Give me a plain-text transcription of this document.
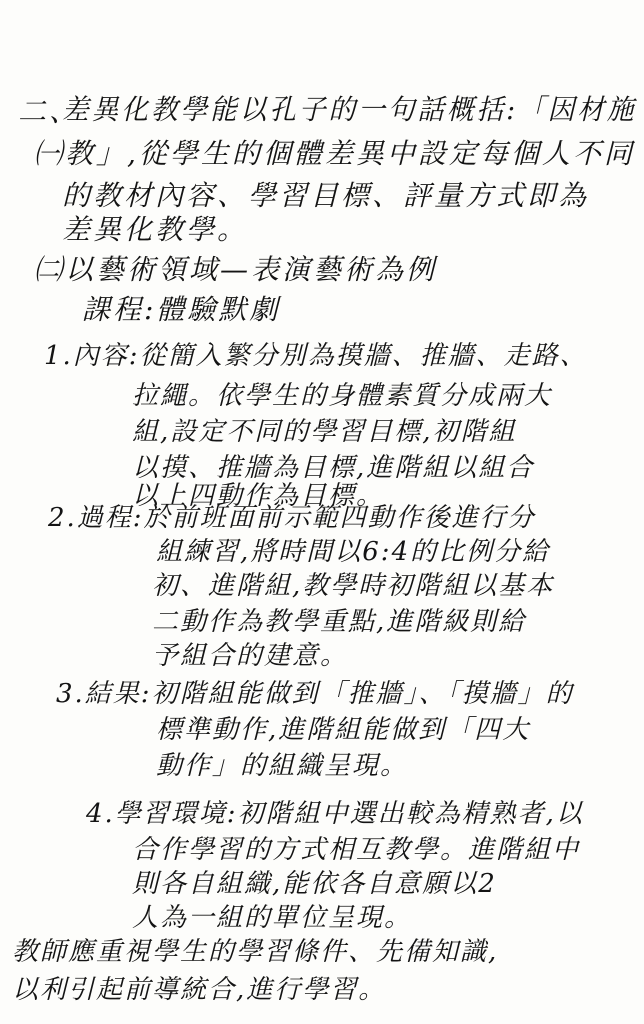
二、
差異化教學能以孔子的一句話概括:「因材施
㈠教」,從學生的個體差異中設定每個人不同
的教材內容、學習目標、評量方式即為
差異化教學。
㈡以藝術領域—表演藝術為例
課程:體驗默劇
1.內容:從簡入繁分別為摸牆、推牆、走路、
拉繩。依學生的身體素質分成兩大
組,設定不同的學習目標,初階組
以摸、推牆為目標,進階組以組合
以上四動作為目標。
2.過程:於前班面前示範四動作後進行分
組練習,將時間以6:4的比例分給
初、進階組,教學時初階組以基本
二動作為教學重點,進階級則給
予組合的建意。
3.結果:初階組能做到「推牆」、「摸牆」的
標準動作,進階組能做到「四大
動作」的組織呈現。
4.學習環境:初階組中選出較為精熟者,以
合作學習的方式相互教學。進階組中
則各自組織,能依各自意願以2
人為一組的單位呈現。
教師應重視學生的學習條件、先備知識,
以利引起前導統合,進行學習。
